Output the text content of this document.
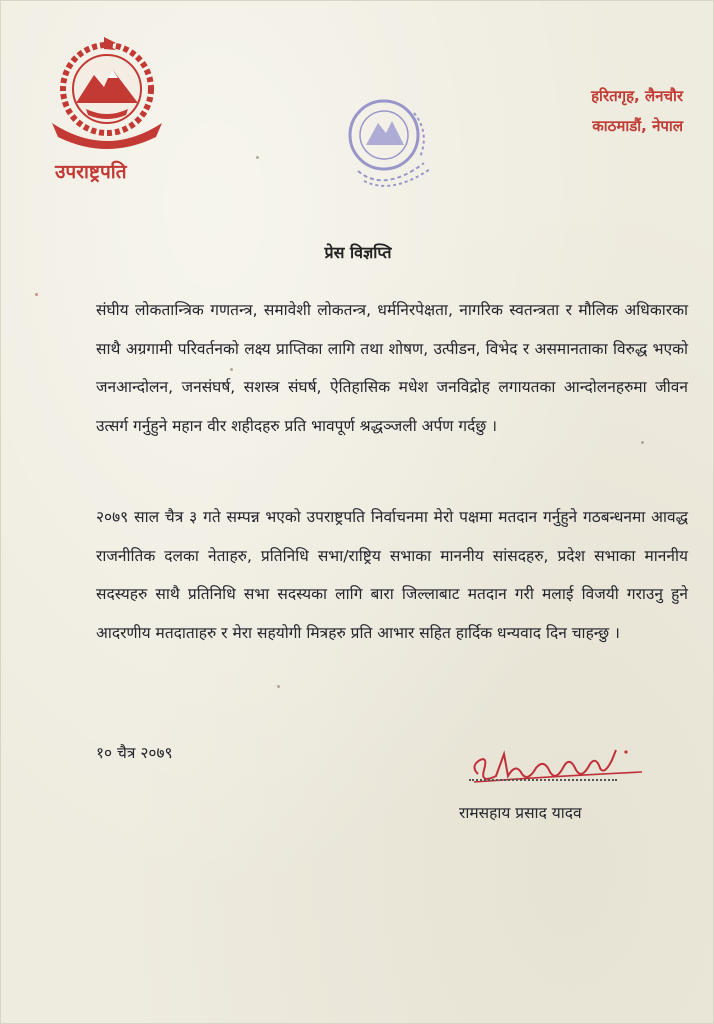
उपराष्ट्रपति
हरितगृह, लैनचौर
काठमाडौं, नेपाल
प्रेस विज्ञप्ति
संघीय लोकतान्त्रिक गणतन्त्र, समावेशी लोकतन्त्र, धर्मनिरपेक्षता, नागरिक स्वतन्त्रता र मौलिक अधिकारका साथै अग्रगामी परिवर्तनको लक्ष्य प्राप्तिका लागि तथा शोषण, उत्पीडन, विभेद र असमानताका विरुद्ध भएको जनआन्दोलन, जनसंघर्ष, सशस्त्र संघर्ष, ऐतिहासिक मधेश जनविद्रोह लगायतका आन्दोलनहरुमा जीवन उत्सर्ग गर्नुहुने महान वीर शहीदहरु प्रति भावपूर्ण श्रद्धञ्जली अर्पण गर्दछु ।
२०७९ साल चैत्र ३ गते सम्पन्न भएको उपराष्ट्रपति निर्वाचनमा मेरो पक्षमा मतदान गर्नुहुने गठबन्धनमा आवद्ध राजनीतिक दलका नेताहरु, प्रतिनिधि सभा/राष्ट्रिय सभाका माननीय सांसदहरु, प्रदेश सभाका माननीय सदस्यहरु साथै प्रतिनिधि सभा सदस्यका लागि बारा जिल्लाबाट मतदान गरी मलाई विजयी गराउनु हुने आदरणीय मतदाताहरु र मेरा सहयोगी मित्रहरु प्रति आभार सहित हार्दिक धन्यवाद दिन चाहन्छु ।
१० चैत्र २०७९
रामसहाय प्रसाद यादव
